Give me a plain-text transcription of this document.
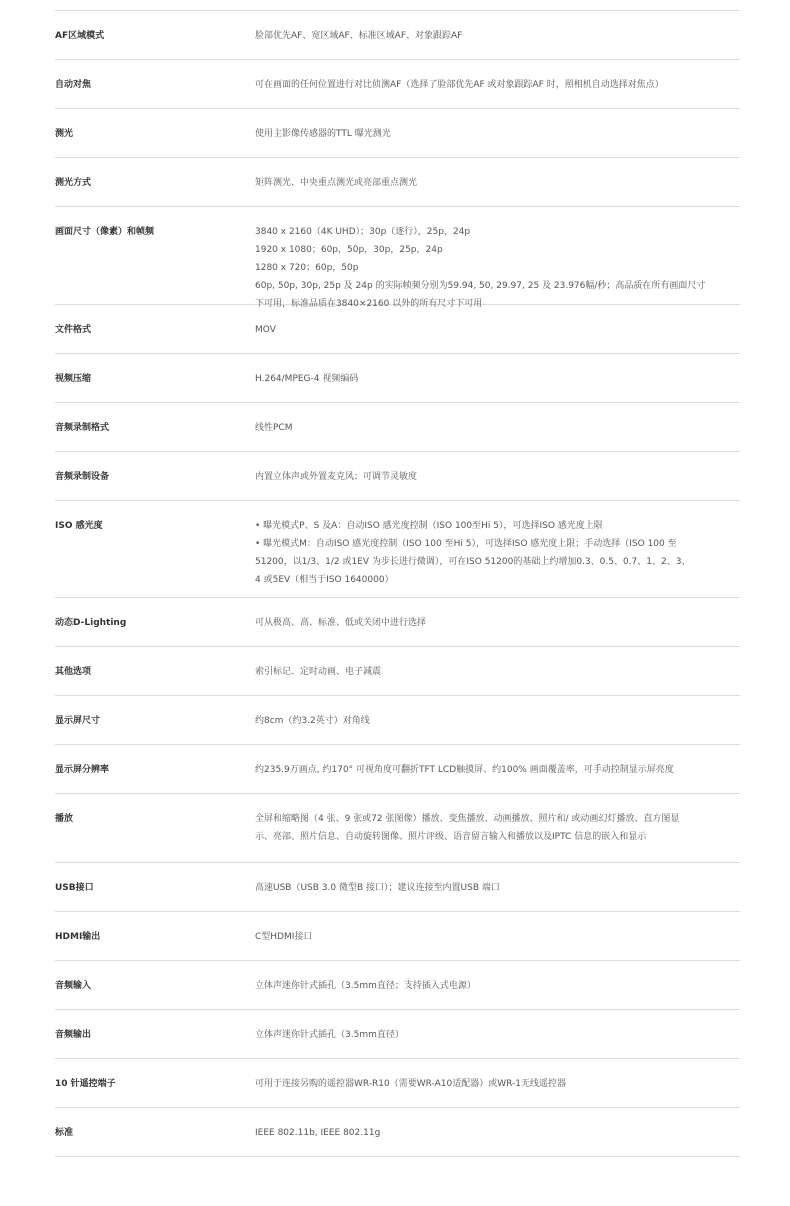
AF区域模式	脸部优先AF、宽区域AF、标准区域AF、对象跟踪AF
自动对焦	可在画面的任何位置进行对比侦测AF（选择了脸部优先AF 或对象跟踪AF 时，照相机自动选择对焦点）
测光	使用主影像传感器的TTL 曝光测光
测光方式	矩阵测光、中央重点测光或亮部重点测光
画面尺寸（像素）和帧频	3840 x 2160（4K UHD）；30p（逐行），25p，24p
1920 x 1080；60p，50p，30p，25p，24p
1280 x 720；60p，50p
60p, 50p, 30p, 25p 及 24p 的实际帧频分别为59.94, 50, 29.97, 25 及 23.976幅/秒；高品质在所有画面尺寸
下可用，标准品质在3840×2160 以外的所有尺寸下可用
文件格式	MOV
视频压缩	H.264/MPEG-4 视频编码
音频录制格式	线性PCM
音频录制设备	内置立体声或外置麦克风；可调节灵敏度
ISO 感光度	• 曝光模式P、S 及A：自动ISO 感光度控制（ISO 100至Hi 5），可选择ISO 感光度上限
• 曝光模式M：自动ISO 感光度控制（ISO 100 至Hi 5），可选择ISO 感光度上限；手动选择（ISO 100 至
51200，以1/3、1/2 或1EV 为步长进行微调），可在ISO 51200的基础上约增加0.3、0.5、0.7、1、2、3、
4 或5EV（相当于ISO 1640000）
动态D-Lighting	可从极高、高、标准、低或关闭中进行选择
其他选项	索引标记、定时动画、电子减震
显示屏尺寸	约8cm（约3.2英寸）对角线
显示屏分辨率	约235.9万画点, 约170° 可视角度可翻折TFT LCD触摸屏、约100% 画面覆盖率，可手动控制显示屏亮度
播放	全屏和缩略图（4 张、9 张或72 张图像）播放、变焦播放、动画播放、照片和/ 或动画幻灯播放、直方图显
示、亮部、照片信息、自动旋转图像、照片评级、语音留言输入和播放以及IPTC 信息的嵌入和显示
USB接口	高速USB（USB 3.0 微型B 接口）；建议连接至内置USB 端口
HDMI输出	C型HDMI接口
音频输入	立体声迷你针式插孔（3.5mm直径；支持插入式电源）
音频输出	立体声迷你针式插孔（3.5mm直径）
10 针遥控端子	可用于连接另购的遥控器WR-R10（需要WR-A10适配器）或WR-1无线遥控器
标准	IEEE 802.11b, IEEE 802.11g
